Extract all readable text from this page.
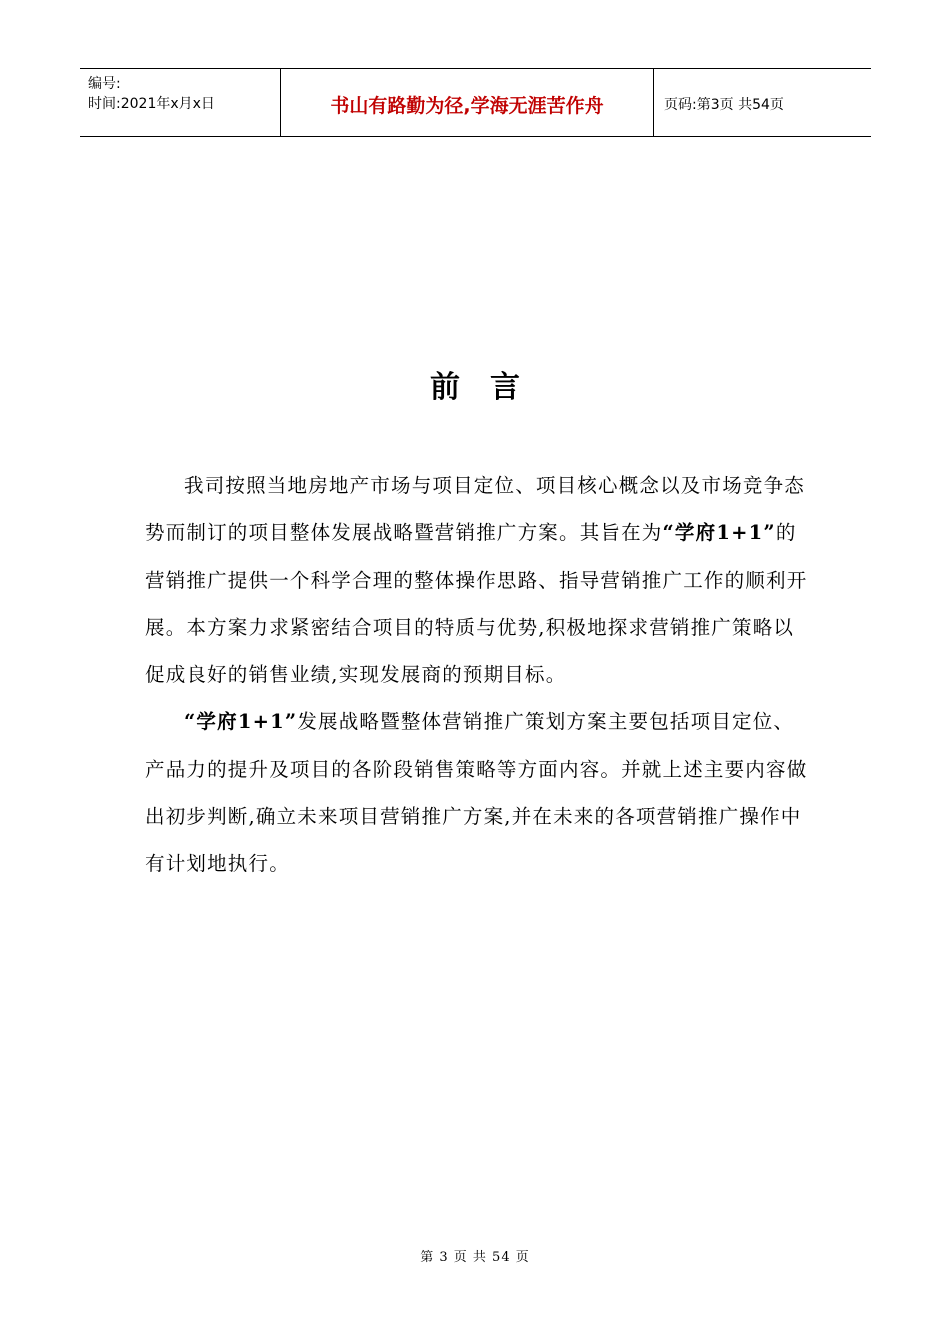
编号:
时间:2021年x月x日	书山有路勤为径,学海无涯苦作舟	页码:第3页 共54页
前言

我司按照当地房地产市场与项目定位、项目核心概念以及市场竞争态势而制订的项目整体发展战略暨营销推广方案。其旨在为“学府1+1”的营销推广提供一个科学合理的整体操作思路、指导营销推广工作的顺利开展。本方案力求紧密结合项目的特质与优势,积极地探求营销推广策略以促成良好的销售业绩,实现发展商的预期目标。

“学府1+1”发展战略暨整体营销推广策划方案主要包括项目定位、产品力的提升及项目的各阶段销售策略等方面内容。并就上述主要内容做出初步判断,确立未来项目营销推广方案,并在未来的各项营销推广操作中有计划地执行。

第 3 页 共 54 页
